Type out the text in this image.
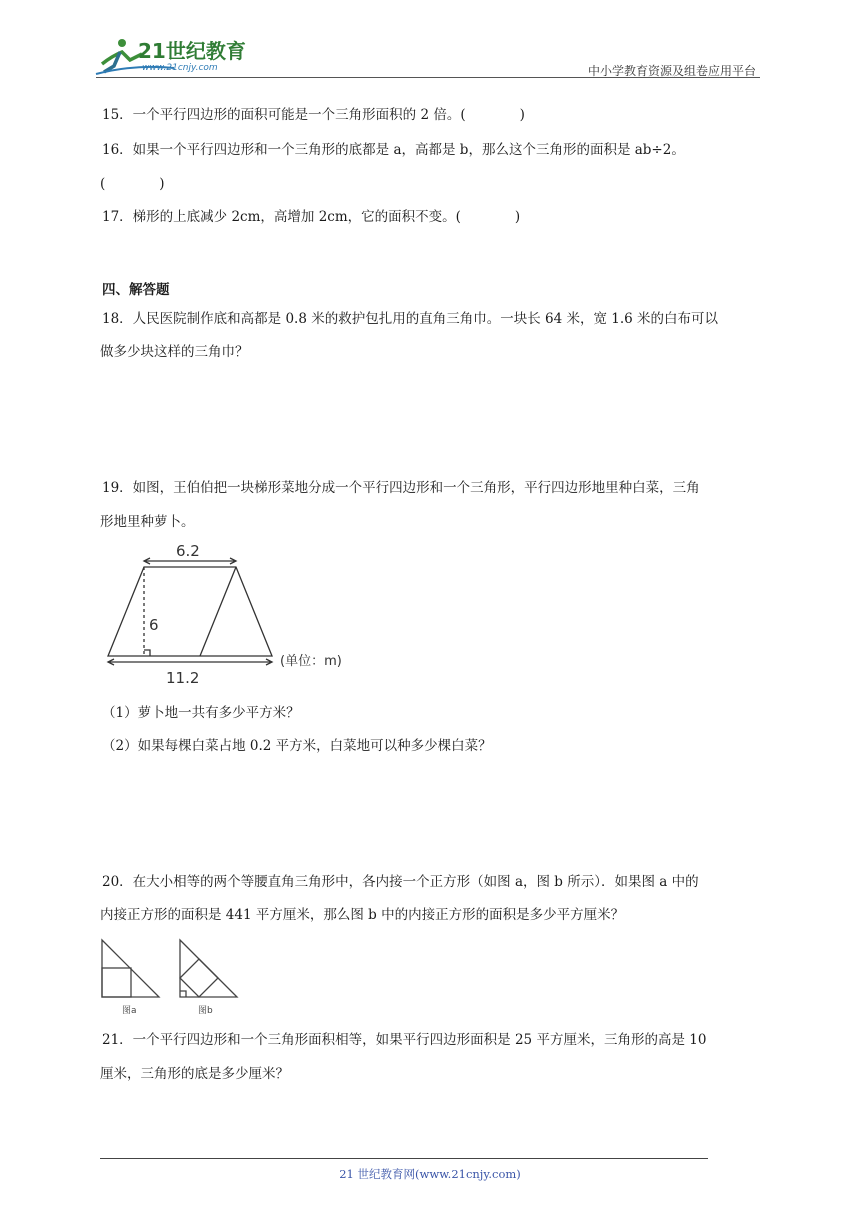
21世纪教育
www.21cnjy.com	中小学教育资源及组卷应用平台
15．一个平行四边形的面积可能是一个三角形面积的 2 倍。(　　　　)
16．如果一个平行四边形和一个三角形的底都是 a，高都是 b，那么这个三角形的面积是 ab÷2。
(　　　　)
17．梯形的上底减少 2cm，高增加 2cm，它的面积不变。(　　　　)
四、解答题
18．人民医院制作底和高都是 0.8 米的救护包扎用的直角三角巾。一块长 64 米，宽 1.6 米的白布可以
做多少块这样的三角巾？
19．如图，王伯伯把一块梯形菜地分成一个平行四边形和一个三角形，平行四边形地里种白菜，三角
形地里种萝卜。
6.2
6
11.2
(单位：m)
（1）萝卜地一共有多少平方米？
（2）如果每棵白菜占地 0.2 平方米，白菜地可以种多少棵白菜？
20．在大小相等的两个等腰直角三角形中，各内接一个正方形（如图 a，图 b 所示）．如果图 a 中的
内接正方形的面积是 441 平方厘米，那么图 b 中的内接正方形的面积是多少平方厘米？
图a	图b
21．一个平行四边形和一个三角形面积相等，如果平行四边形面积是 25 平方厘米，三角形的高是 10
厘米，三角形的底是多少厘米？
21 世纪教育网(www.21cnjy.com)
